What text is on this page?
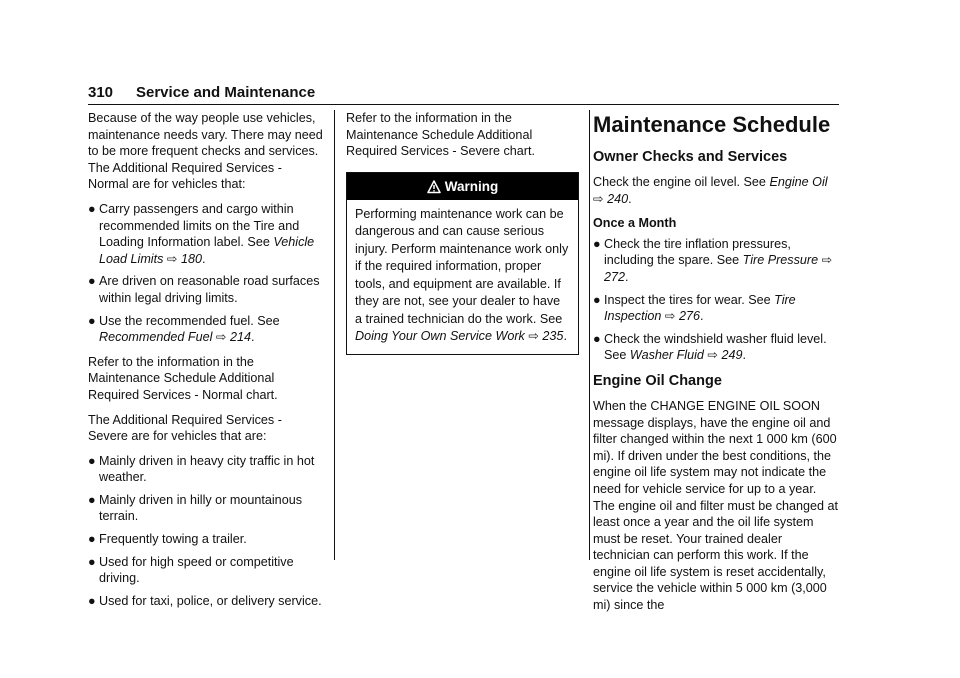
310 Service and Maintenance

Because of the way people use vehicles, maintenance needs vary. There may need to be more frequent checks and services. The Additional Required Services - Normal are for vehicles that:

● Carry passengers and cargo within recommended limits on the Tire and Loading Information label. See Vehicle Load Limits ⇨ 180.
● Are driven on reasonable road surfaces within legal driving limits.
● Use the recommended fuel. See Recommended Fuel ⇨ 214.

Refer to the information in the Maintenance Schedule Additional Required Services - Normal chart.

The Additional Required Services - Severe are for vehicles that are:

● Mainly driven in heavy city traffic in hot weather.
● Mainly driven in hilly or mountainous terrain.
● Frequently towing a trailer.
● Used for high speed or competitive driving.
● Used for taxi, police, or delivery service.

Refer to the information in the Maintenance Schedule Additional Required Services - Severe chart.

Warning
Performing maintenance work can be dangerous and can cause serious injury. Perform maintenance work only if the required information, proper tools, and equipment are available. If they are not, see your dealer to have a trained technician do the work. See Doing Your Own Service Work ⇨ 235.
Maintenance Schedule
Owner Checks and Services

Check the engine oil level. See Engine Oil ⇨ 240.

Once a Month
● Check the tire inflation pressures, including the spare. See Tire Pressure ⇨ 272.
● Inspect the tires for wear. See Tire Inspection ⇨ 276.
● Check the windshield washer fluid level. See Washer Fluid ⇨ 249.
Engine Oil Change

When the CHANGE ENGINE OIL SOON message displays, have the engine oil and filter changed within the next 1 000 km (600 mi). If driven under the best conditions, the engine oil life system may not indicate the need for vehicle service for up to a year. The engine oil and filter must be changed at least once a year and the oil life system must be reset. Your trained dealer technician can perform this work. If the engine oil life system is reset accidentally, service the vehicle within 5 000 km (3,000 mi) since the
